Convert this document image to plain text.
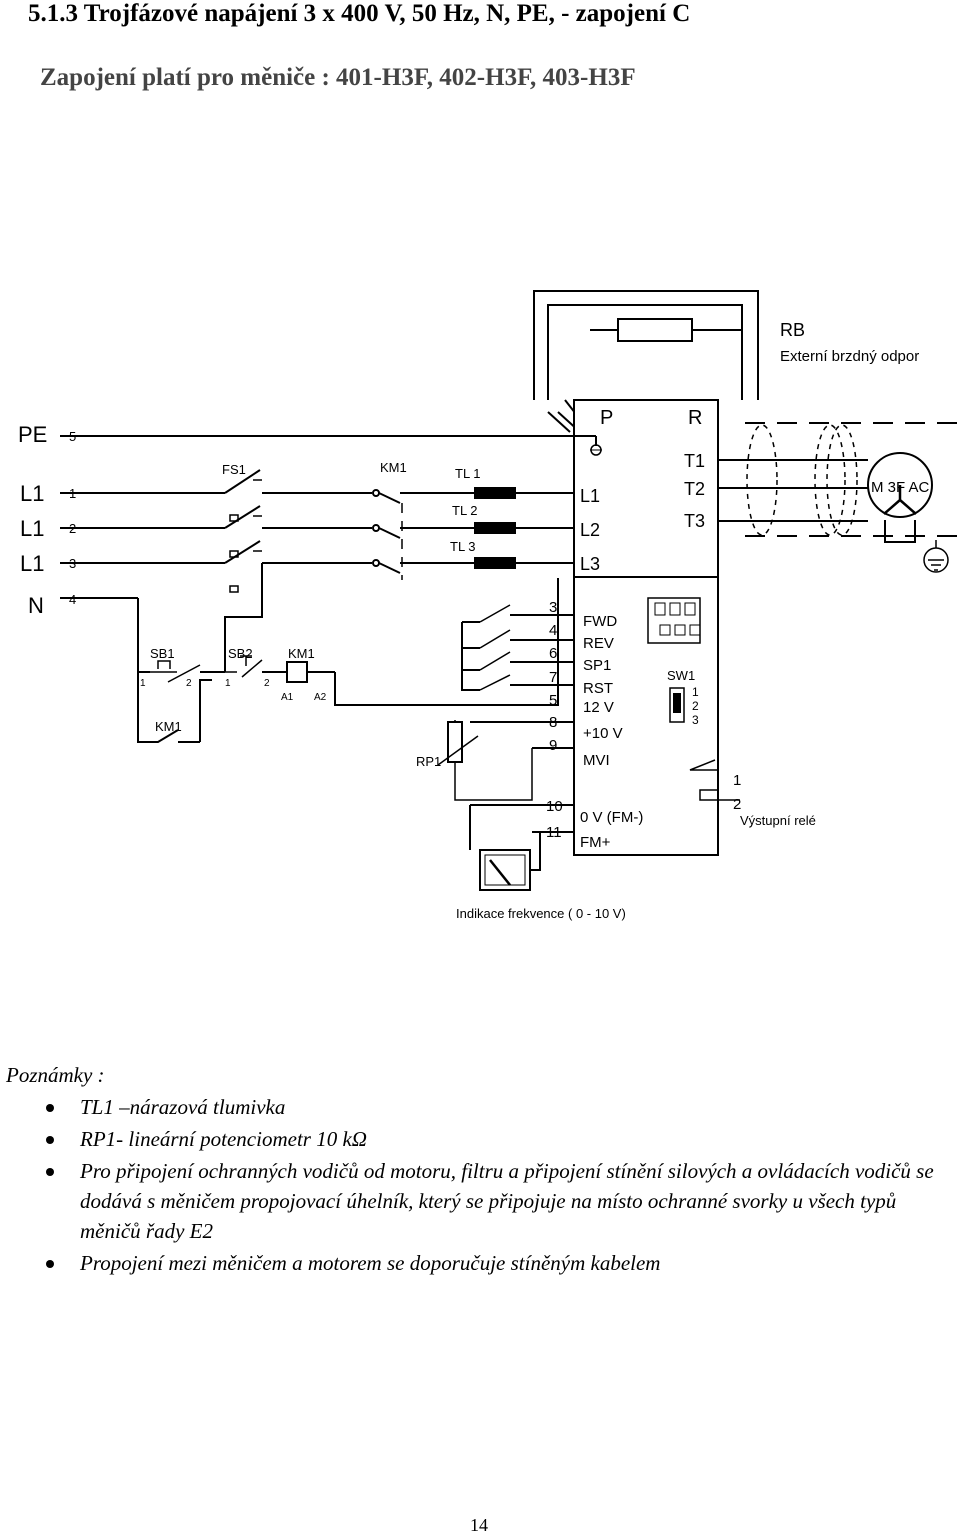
5.1.3 Trojfázové napájení 3 x 400 V, 50 Hz, N, PE, - zapojení C
Zapojení platí pro měniče : 401-H3F, 402-H3F, 403-H3F
PE
L1
L1
L1
N
5
1
2
3
4
RB
Externí brzdný odpor
FS1	KM1	TL 1
TL 2
TL 3
P	R
T1
T2
T3
L1
L2
L3
M 3F AC
SB1	SB2	KM1
KM1
1	2	1	2
A1 A2
RP1
3
4
6
7
5
8
9
10
11
FWD
REV
SP1
RST
12 V
+10 V
MVI
0 V (FM-)
FM+
SW1
1
2
3
1
2
Výstupní relé
Indikace frekvence ( 0 - 10 V)

Poznámky :

TL1 –nárazová tlumivka
RP1- lineární potenciometr 10 kΩ
Pro připojení ochranných vodičů od motoru, filtru a připojení stínění silových a ovládacích vodičů se dodává s měničem propojovací úhelník, který se připojuje na místo ochranné svorky u všech typů měničů řady E2
Propojení mezi měničem a motorem se doporučuje stíněným kabelem
14
